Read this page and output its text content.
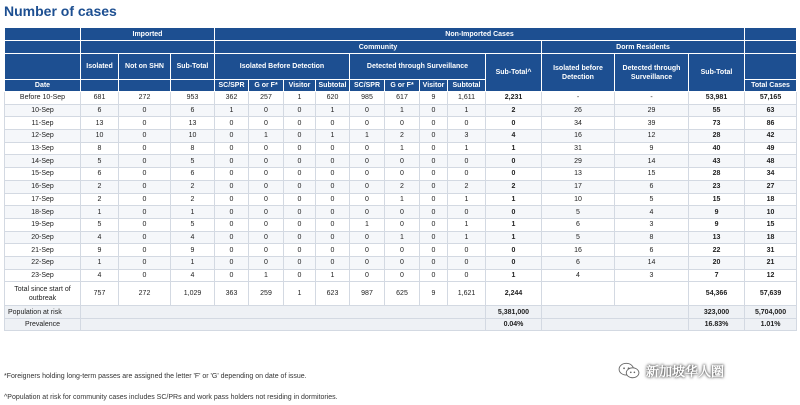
Number of cases
	Imported			Non-Imported Cases												
				Community									Dorm Residents			
	Isolated	Not on SHN	Sub-Total	Isolated Before Detection				Detected through Surveillance				Sub-Total^	Isolated before Detection	Detected through Surveillance	Sub-Total	
Date				SC/SPR	G or F*	Visitor	Subtotal	SC/SPR	G or F*	Visitor	Subtotal					Total Cases
Before 10-Sep	681	272	953	362	257	1	620	985	617	9	1,611	2,231	-	-	53,981	57,165
10-Sep	6	0	6	1	0	0	1	0	1	0	1	2	26	29	55	63
11-Sep	13	0	13	0	0	0	0	0	0	0	0	0	34	39	73	86
12-Sep	10	0	10	0	1	0	1	1	2	0	3	4	16	12	28	42
13-Sep	8	0	8	0	0	0	0	0	1	0	1	1	31	9	40	49
14-Sep	5	0	5	0	0	0	0	0	0	0	0	0	29	14	43	48
15-Sep	6	0	6	0	0	0	0	0	0	0	0	0	13	15	28	34
16-Sep	2	0	2	0	0	0	0	0	2	0	2	2	17	6	23	27
17-Sep	2	0	2	0	0	0	0	0	1	0	1	1	10	5	15	18
18-Sep	1	0	1	0	0	0	0	0	0	0	0	0	5	4	9	10
19-Sep	5	0	5	0	0	0	0	1	0	0	1	1	6	3	9	15
20-Sep	4	0	4	0	0	0	0	0	1	0	1	1	5	8	13	18
21-Sep	9	0	9	0	0	0	0	0	0	0	0	0	16	6	22	31
22-Sep	1	0	1	0	0	0	0	0	0	0	0	0	6	14	20	21
23-Sep	4	0	4	0	1	0	1	0	0	0	0	1	4	3	7	12
Total since start of outbreak	757	272	1,029	363	259	1	623	987	625	9	1,621	2,244			54,366	57,639
Population at risk												5,381,000			323,000	5,704,000
Prevalence												0.04%			16.83%	1.01%
*Foreigners holding long-term passes are assigned the letter 'F' or 'G' depending on date of issue.
^Population at risk for community cases includes SC/PRs and work pass holders not residing in dormitories.
新加坡华人圈
